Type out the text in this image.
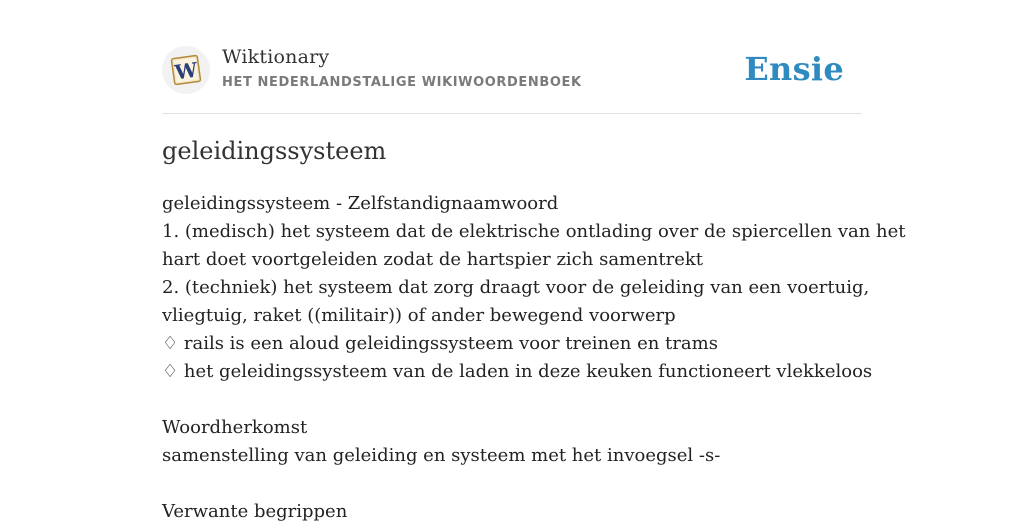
W
Wiktionary
HET NEDERLANDSTALIGE WIKIWOORDENBOEK	Ensie
geleidingssysteem
geleidingssysteem - Zelfstandignaamwoord
1. (medisch) het systeem dat de elektrische ontlading over de spiercellen van het
hart doet voortgeleiden zodat de hartspier zich samentrekt
2. (techniek) het systeem dat zorg draagt voor de geleiding van een voertuig,
vliegtuig, raket ((militair)) of ander bewegend voorwerp
♢ rails is een aloud geleidingssysteem voor treinen en trams
♢ het geleidingssysteem van de laden in deze keuken functioneert vlekkeloos
Woordherkomst
samenstelling van geleiding en systeem met het invoegsel -s-
Verwante begrippen
